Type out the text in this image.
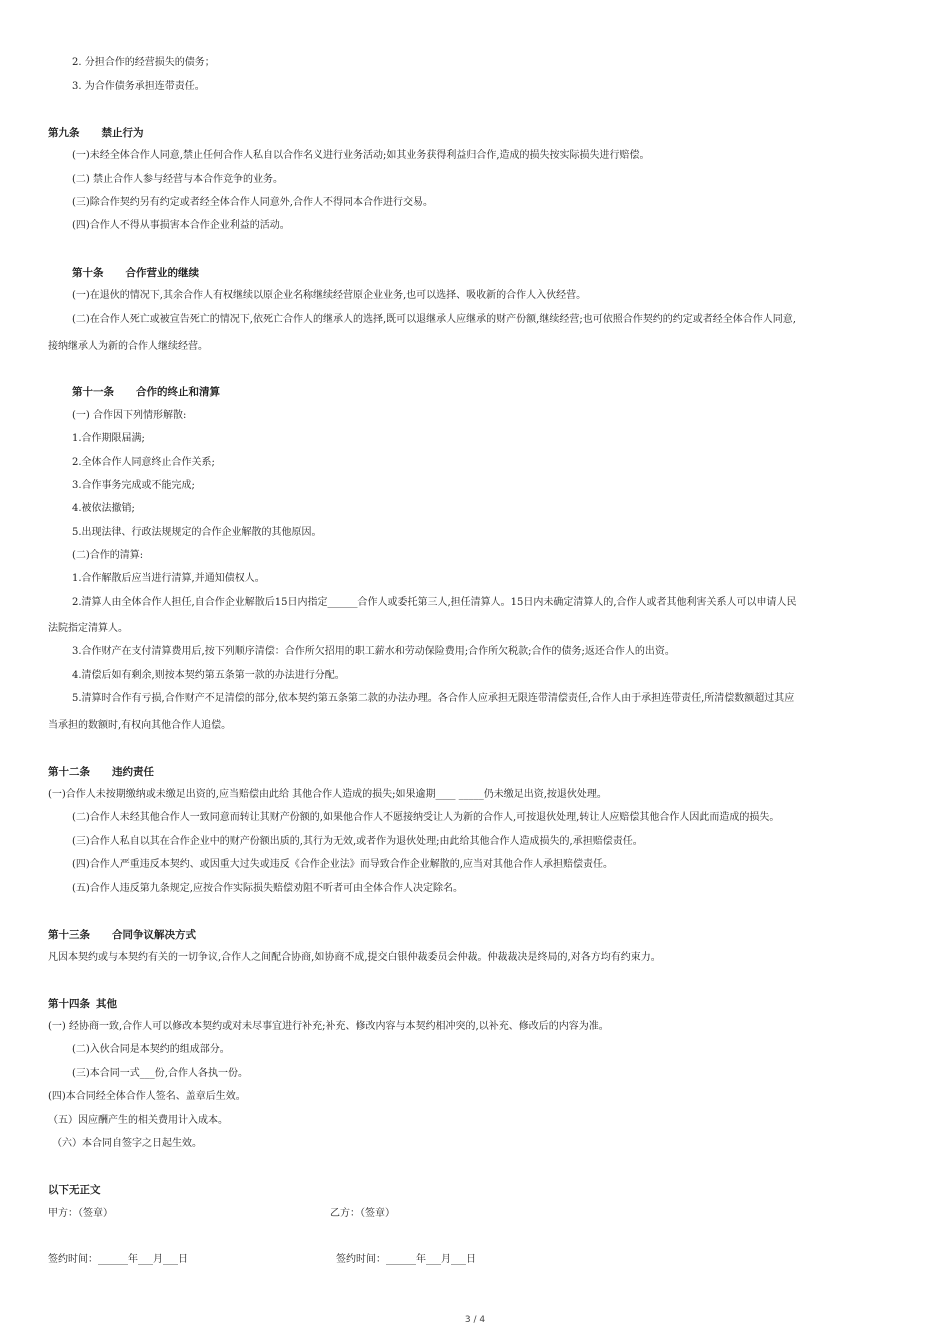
2. 分担合作的经营损失的债务；
3. 为合作债务承担连带责任。
第九条 禁止行为
(一)未经全体合作人同意,禁止任何合作人私自以合作名义进行业务活动;如其业务获得利益归合作,造成的损失按实际损失进行赔偿。
(二) 禁止合作人参与经营与本合作竞争的业务。
(三)除合作契约另有约定或者经全体合作人同意外,合作人不得同本合作进行交易。
(四)合作人不得从事损害本合作企业利益的活动。
第十条 合作营业的继续
(一)在退伙的情况下,其余合作人有权继续以原企业名称继续经营原企业业务,也可以选择、吸收新的合作人入伙经营。
(二)在合作人死亡或被宣告死亡的情况下,依死亡合作人的继承人的选择,既可以退继承人应继承的财产份额,继续经营;也可依照合作契约的约定或者经全体合作人同意,
接纳继承人为新的合作人继续经营。
第十一条 合作的终止和清算
(一) 合作因下列情形解散:
1.合作期限届满;
2.全体合作人同意终止合作关系;
3.合作事务完成或不能完成;
4.被依法撤销;
5.出现法律、行政法规规定的合作企业解散的其他原因。
(二)合作的清算:
1.合作解散后应当进行清算,并通知债权人。
2.清算人由全体合作人担任,自合作企业解散后15日内指定______合作人或委托第三人,担任清算人。15日内未确定清算人的,合作人或者其他利害关系人可以申请人民
法院指定清算人。
3.合作财产在支付清算费用后,按下列顺序清偿：合作所欠招用的职工薪水和劳动保险费用;合作所欠税款;合作的债务;返还合作人的出资。
4.清偿后如有剩余,则按本契约第五条第一款的办法进行分配。
5.清算时合作有亏损,合作财产不足清偿的部分,依本契约第五条第二款的办法办理。各合作人应承担无限连带清偿责任,合作人由于承担连带责任,所清偿数额超过其应
当承担的数额时,有权向其他合作人追偿。
第十二条 违约责任
(一)合作人未按期缴纳或未缴足出资的,应当赔偿由此给 其他合作人造成的损失;如果逾期____ _____仍未缴足出资,按退伙处理。
(二)合作人未经其他合作人一致同意而转让其财产份额的,如果他合作人不愿接纳受让人为新的合作人,可按退伙处理,转让人应赔偿其他合作人因此而造成的损失。
(三)合作人私自以其在合作企业中的财产份额出质的,其行为无效,或者作为退伙处理;由此给其他合作人造成损失的,承担赔偿责任。
(四)合作人严重违反本契约、或因重大过失或违反《合作企业法》而导致合作企业解散的,应当对其他合作人承担赔偿责任。
(五)合作人违反第九条规定,应按合作实际损失赔偿劝阻不听者可由全体合作人决定除名。
第十三条 合同争议解决方式
凡因本契约或与本契约有关的一切争议,合作人之间配合协商,如协商不成,提交白银仲裁委员会仲裁。仲裁裁决是终局的,对各方均有约束力。
第十四条 其他
(一) 经协商一致,合作人可以修改本契约或对未尽事宜进行补充;补充、修改内容与本契约相冲突的,以补充、修改后的内容为准。
(二)入伙合同是本契约的组成部分。
(三)本合同一式___份,合作人各执一份。
(四)本合同经全体合作人签名、盖章后生效。
（五）因应酬产生的相关费用计入成本。
（六）本合同自签字之日起生效。
以下无正文
甲方：（签章）	乙方：（签章）
签约时间：______年___月___日	签约时间：______年___月___日
3 / 4
